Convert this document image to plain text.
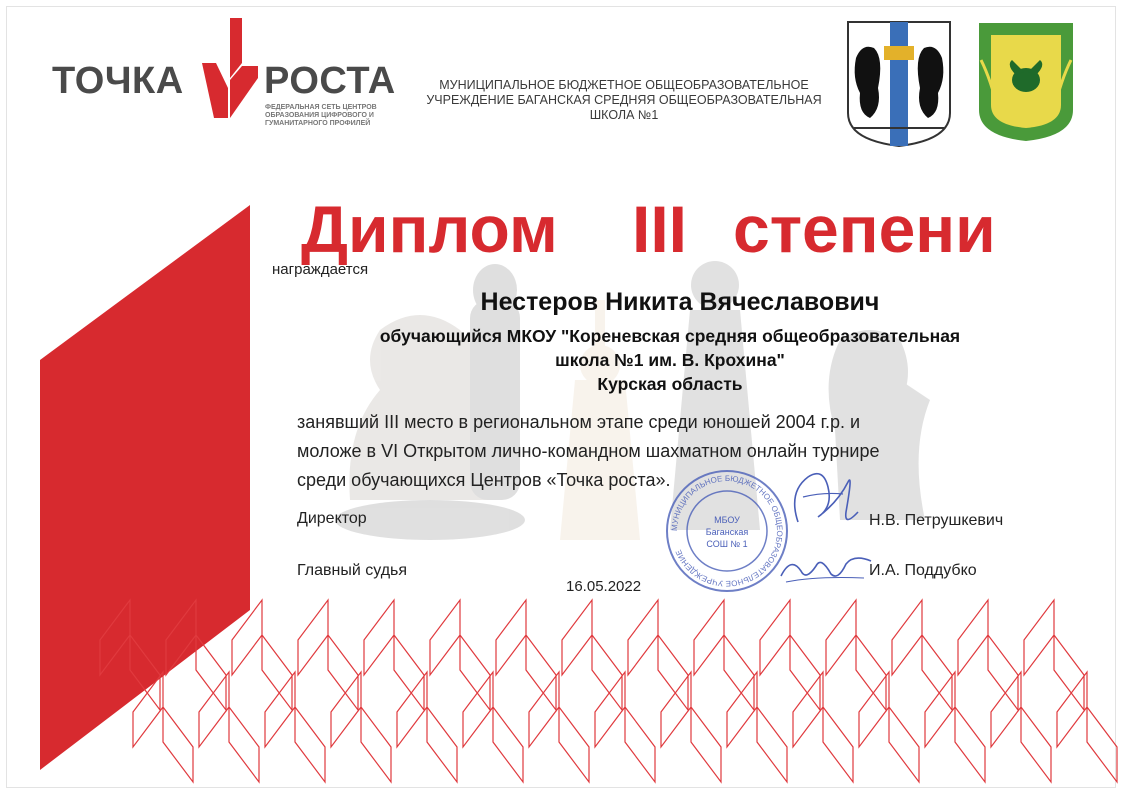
ТОЧКА РОСТА
ФЕДЕРАЛЬНАЯ СЕТЬ ЦЕНТРОВ ОБРАЗОВАНИЯ ЦИФРОВОГО И ГУМАНИТАРНОГО ПРОФИЛЕЙ
МУНИЦИПАЛЬНОЕ БЮДЖЕТНОЕ ОБЩЕОБРАЗОВАТЕЛЬНОЕ
УЧРЕЖДЕНИЕ БАГАНСКАЯ СРЕДНЯЯ ОБЩЕОБРАЗОВАТЕЛЬНАЯ
ШКОЛА №1
Диплом III степени
награждается
Нестеров Никита Вячеславович
обучающийся МКОУ "Кореневская средняя общеобразовательная
школа №1 им. В. Крохина"
Курская область
занявший III место в региональном этапе среди юношей 2004 г.р. и
моложе в VI Открытом лично-командном шахматном онлайн турнире
среди обучающихся Центров «Точка роста».
МУНИЦИПАЛЬНОЕ БЮДЖЕТНОЕ ОБЩЕОБРАЗОВАТЕЛЬНОЕ УЧРЕЖДЕНИЕ
МБОУ
Баганская
СОШ № 1
Директор	Н.В. Петрушкевич
Главный судья	И.А. Поддубко
16.05.2022
